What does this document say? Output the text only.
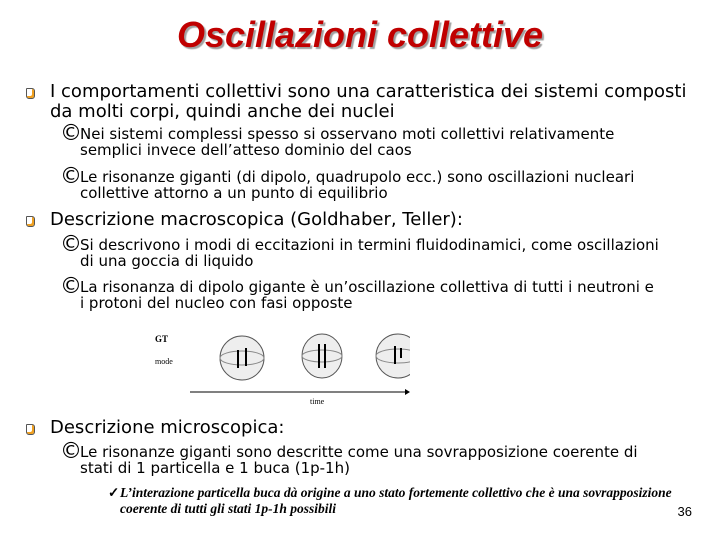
Oscillazioni collettive
I comportamenti collettivi sono una caratteristica dei sistemi composti da molti corpi, quindi anche dei nuclei
©
Nei sistemi complessi spesso si osservano moti collettivi relativamente semplici invece dell’atteso dominio del caos
©
Le risonanze giganti (di dipolo, quadrupolo ecc.) sono oscillazioni nucleari collettive attorno a un punto di equilibrio
Descrizione macroscopica (Goldhaber, Teller):
©
Si descrivono i modi di eccitazioni in termini fluidodinamici, come oscillazioni di una goccia di liquido
©
La risonanza di dipolo gigante è un’oscillazione collettiva di tutti i neutroni e i protoni del nucleo con fasi opposte
GT
mode
time
Descrizione microscopica:
©
Le risonanze giganti sono descritte come una sovrapposizione coerente di stati di 1 particella e 1 buca (1p-1h)
✓ L’interazione particella buca dà origine a uno stato fortemente collettivo che è una sovrapposizione coerente di tutti gli stati 1p-1h possibili	36
